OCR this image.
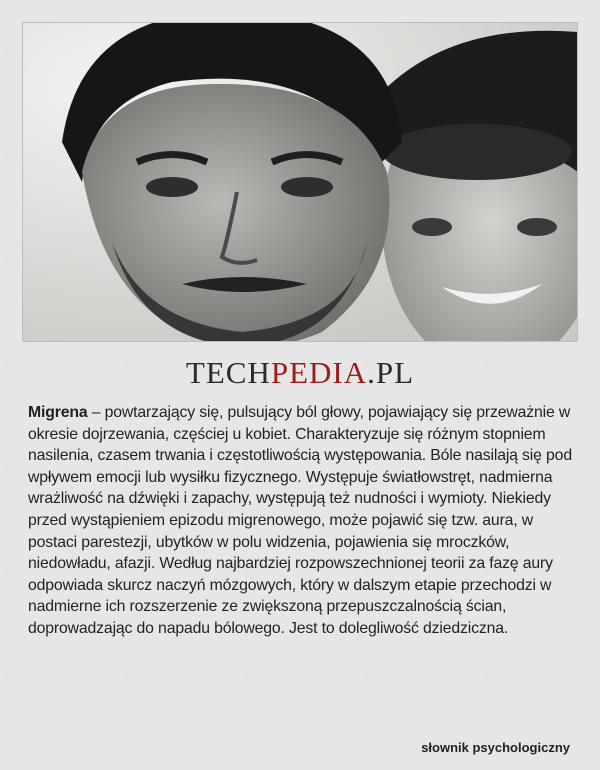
TECHPEDIA.PL
Migrena – powtarzający się, pulsujący ból głowy, pojawiający się przeważnie w okresie dojrzewania, częściej u kobiet. Charakteryzuje się różnym stopniem nasilenia, czasem trwania i częstotliwością występowania. Bóle nasilają się pod wpływem emocji lub wysiłku fizycznego. Występuje światłowstręt, nadmierna wrażliwość na dźwięki i zapachy, występują też nudności i wymioty. Niekiedy przed wystąpieniem epizodu migrenowego, może pojawić się tzw. aura, w postaci parestezji, ubytków w polu widzenia, pojawienia się mroczków, niedowładu, afazji. Według najbardziej rozpowszechnionej teorii za fazę aury odpowiada skurcz naczyń mózgowych, który w dalszym etapie przechodzi w nadmierne ich rozszerzenie ze zwiększoną przepuszczalnością ścian, doprowadzając do napadu bólowego. Jest to dolegliwość dziedziczna.
słownik psychologiczny
